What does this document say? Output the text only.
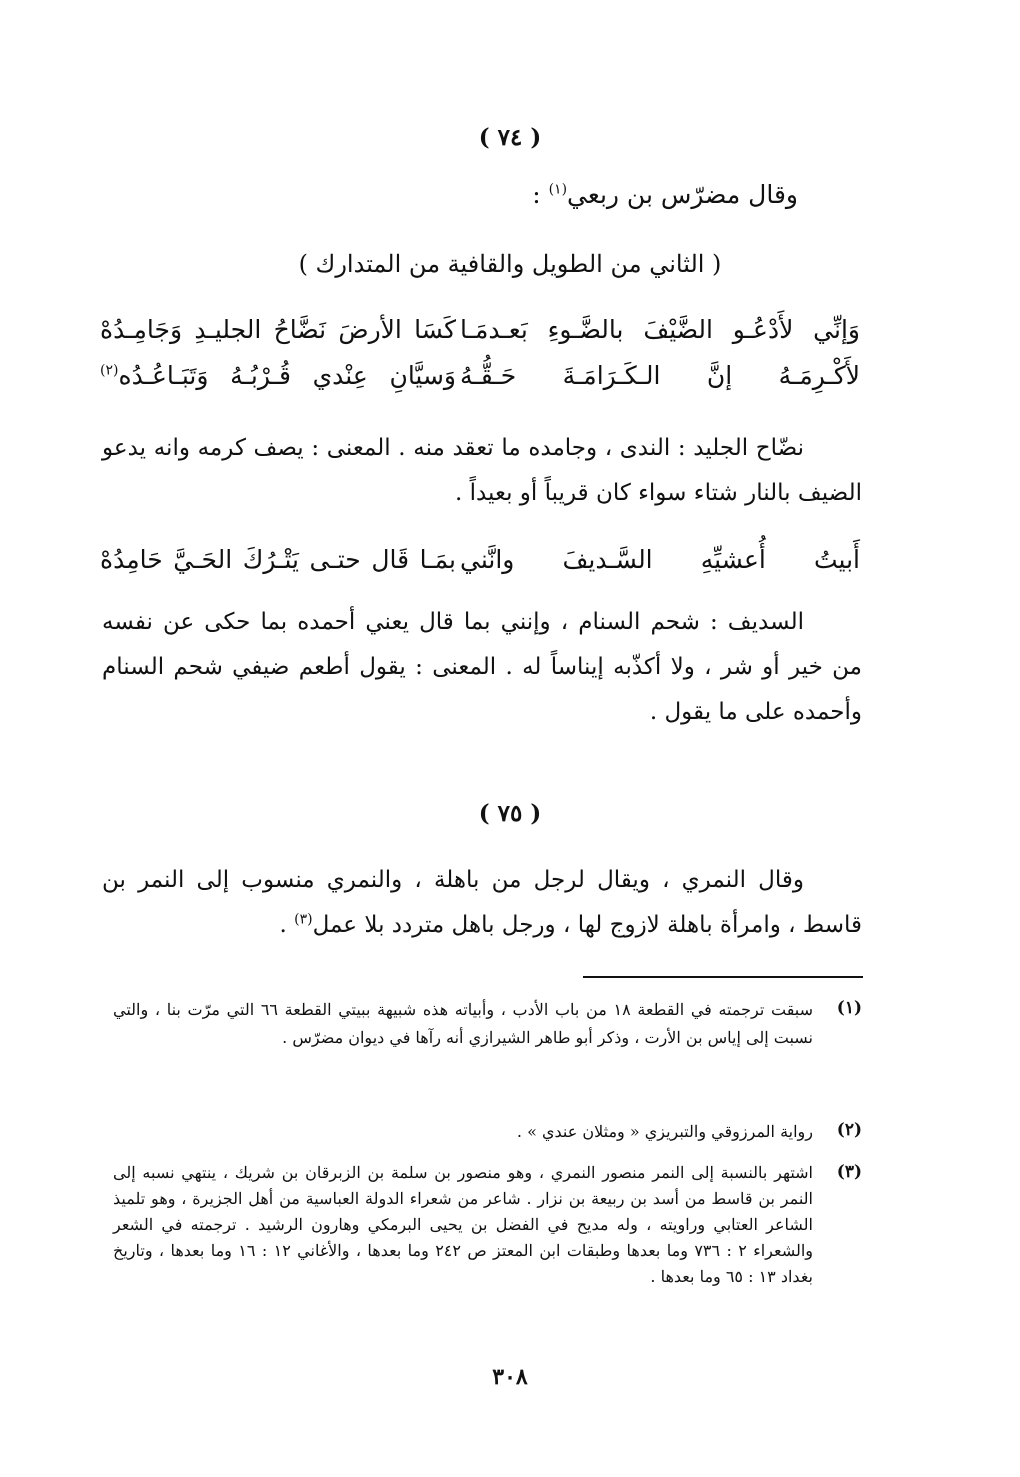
( ٧٤ )
وقال مضرّس بن ربعي$^{(١)}$ :
( الثاني من الطويل والقافية من المتدارك )
وَإنِّي لأَدْعُـو الضَّيْفَ بالضَّـوءِ بَعـدمَـا
كَسَا الأرضَ نَضَّاحُ الجليـدِ وَجَامِـدُهْ
لأَكْـرِمَـهُ إنَّ الـكَـرَامَـةَ حَـقُّـهُ
وَسيَّانِ عِنْدي قُـرْبُـهُ وَتَبَـاعُـدُه$^{(٢)}$
نضّاح الجليد : الندى ، وجامده ما تعقد منه . المعنى : يصف كرمه وانه يدعو الضيف بالنار شتاء سواء كان قريباً أو بعيداً .
أَبيتُ أُعشيِّهِ السَّـديفَ وانَّني
بمَـا قَال حتـى يَتْـرُكَ الحَـيَّ حَامِدُهْ
السديف : شحم السنام ، وإنني بما قال يعني أحمده بما حكى عن نفسه من خير أو شر ، ولا أكذّبه إيناساً له . المعنى : يقول أطعم ضيفي شحم السنام وأحمده على ما يقول .
( ٧٥ )
وقال النمري ، ويقال لرجل من باهلة ، والنمري منسوب إلى النمر بن قاسط ، وامرأة باهلة لازوج لها ، ورجل باهل متردد بلا عمل$^{(٣)}$ .
(١)
سبقت ترجمته في القطعة ١٨ من باب الأدب ، وأبياته هذه شبيهة ببيتي القطعة ٦٦ التي مرّت بنا ، والتي نسبت إلى إياس بن الأرت ، وذكر أبو طاهر الشيرازي أنه رآها في ديوان مضرّس .
(٢)
رواية المرزوقي والتبريزي « ومثلان عندي » .
(٣)
اشتهر بالنسبة إلى النمر منصور النمري ، وهو منصور بن سلمة بن الزبرقان بن شريك ، ينتهي نسبه إلى النمر بن قاسط من أسد بن ربيعة بن نزار . شاعر من شعراء الدولة العباسية من أهل الجزيرة ، وهو تلميذ الشاعر العتابي وراويته ، وله مديح في الفضل بن يحيى البرمكي وهارون الرشيد . ترجمته في الشعر والشعراء ٢ : ٧٣٦ وما بعدها وطبقات ابن المعتز ص ٢٤٢ وما بعدها ، والأغاني ١٢ : ١٦ وما بعدها ، وتاريخ بغداد ١٣ : ٦٥ وما بعدها .
٣٠٨
